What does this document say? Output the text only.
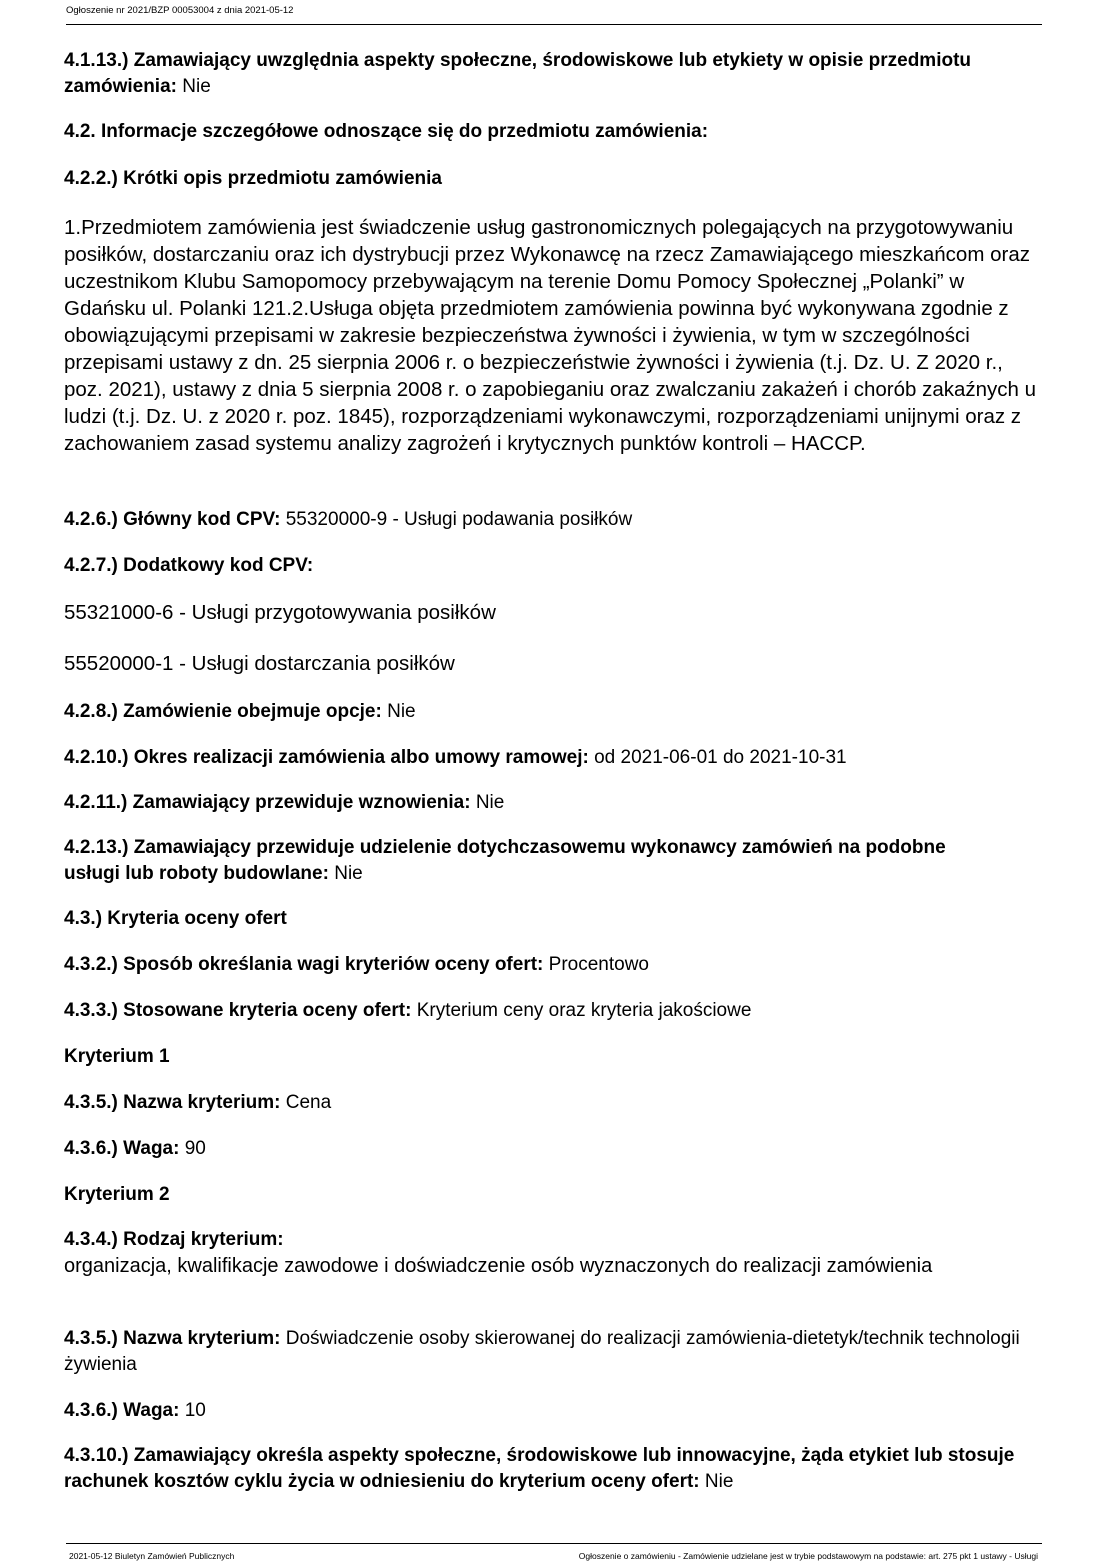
Ogłoszenie nr 2021/BZP 00053004 z dnia 2021-05-12

4.1.13.) Zamawiający uwzględnia aspekty społeczne, środowiskowe lub etykiety w opisie przedmiotu zamówienia: Nie

4.2. Informacje szczegółowe odnoszące się do przedmiotu zamówienia:

4.2.2.) Krótki opis przedmiotu zamówienia

1.Przedmiotem zamówienia jest świadczenie usług gastronomicznych polegających na przygotowywaniu posiłków, dostarczaniu oraz ich dystrybucji przez Wykonawcę na rzecz Zamawiającego mieszkańcom oraz uczestnikom Klubu Samopomocy przebywającym na terenie Domu Pomocy Społecznej „Polanki” w Gdańsku ul. Polanki 121.2.Usługa objęta przedmiotem zamówienia powinna być wykonywana zgodnie z obowiązującymi przepisami w zakresie bezpieczeństwa żywności i żywienia, w tym w szczególności przepisami ustawy z dn. 25 sierpnia 2006 r. o bezpieczeństwie żywności i żywienia (t.j. Dz. U. Z 2020 r., poz. 2021), ustawy z dnia 5 sierpnia 2008 r. o zapobieganiu oraz zwalczaniu zakażeń i chorób zakaźnych u ludzi (t.j. Dz. U. z 2020 r. poz. 1845), rozporządzeniami wykonawczymi, rozporządzeniami unijnymi oraz z zachowaniem zasad systemu analizy zagrożeń i krytycznych punktów kontroli – HACCP.

4.2.6.) Główny kod CPV: 55320000-9 - Usługi podawania posiłków

4.2.7.) Dodatkowy kod CPV:

55321000-6 - Usługi przygotowywania posiłków

55520000-1 - Usługi dostarczania posiłków

4.2.8.) Zamówienie obejmuje opcje: Nie

4.2.10.) Okres realizacji zamówienia albo umowy ramowej: od 2021-06-01 do 2021-10-31

4.2.11.) Zamawiający przewiduje wznowienia: Nie

4.2.13.) Zamawiający przewiduje udzielenie dotychczasowemu wykonawcy zamówień na podobne usługi lub roboty budowlane: Nie

4.3.) Kryteria oceny ofert

4.3.2.) Sposób określania wagi kryteriów oceny ofert: Procentowo

4.3.3.) Stosowane kryteria oceny ofert: Kryterium ceny oraz kryteria jakościowe

Kryterium 1

4.3.5.) Nazwa kryterium: Cena

4.3.6.) Waga: 90

Kryterium 2

4.3.4.) Rodzaj kryterium:

organizacja, kwalifikacje zawodowe i doświadczenie osób wyznaczonych do realizacji zamówienia

4.3.5.) Nazwa kryterium: Doświadczenie osoby skierowanej do realizacji zamówienia-dietetyk/technik technologii żywienia

4.3.6.) Waga: 10

4.3.10.) Zamawiający określa aspekty społeczne, środowiskowe lub innowacyjne, żąda etykiet lub stosuje rachunek kosztów cyklu życia w odniesieniu do kryterium oceny ofert: Nie

2021-05-12 Biuletyn Zamówień Publicznych	Ogłoszenie o zamówieniu - Zamówienie udzielane jest w trybie podstawowym na podstawie: art. 275 pkt 1 ustawy - Usługi
